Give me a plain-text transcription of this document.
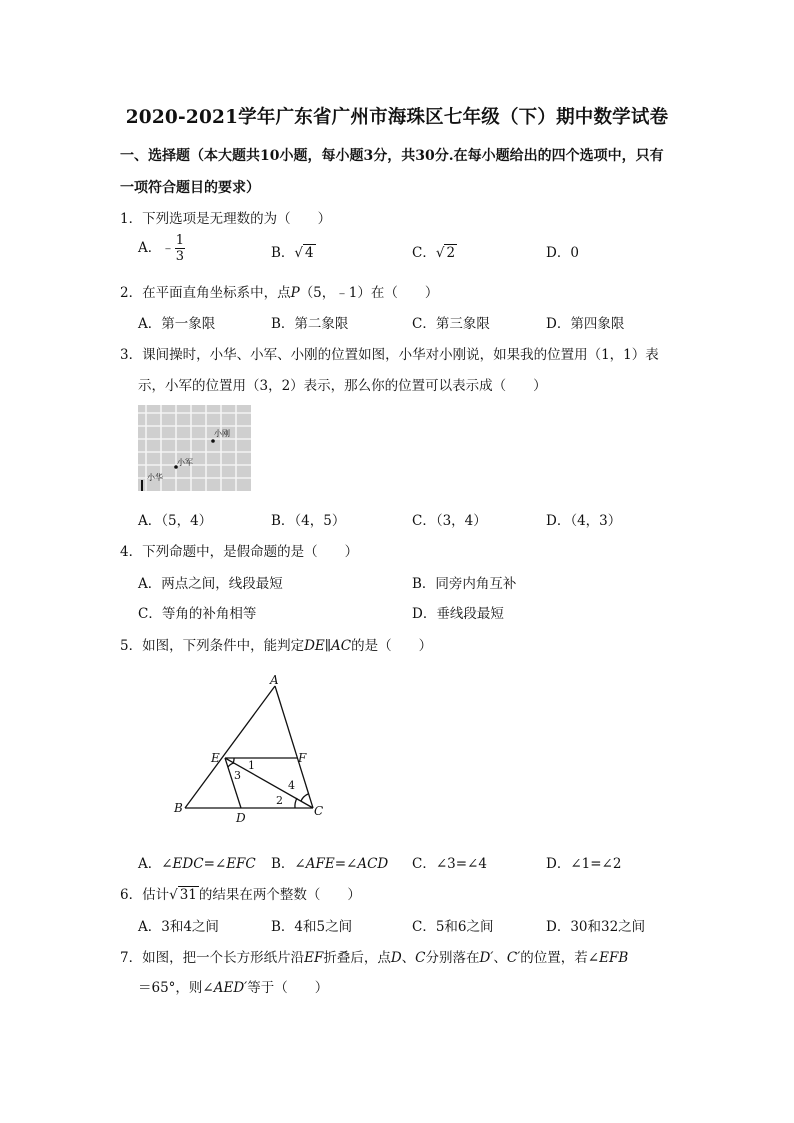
2020-2021学年广东省广州市海珠区七年级（下）期中数学试卷
一、选择题（本大题共10小题，每小题3分，共30分.在每小题给出的四个选项中，只有
一项符合题目的要求）
1．下列选项是无理数的为（　　）
A．﹣ $\frac{1}{3}$	B．√ 4	C．√ 2	D．0
2．在平面直角坐标系中，点P（5，﹣1）在（　　）
A．第一象限	B．第二象限	C．第三象限	D．第四象限
3．课间操时，小华、小军、小刚的位置如图，小华对小刚说，如果我的位置用（1，1）表
示，小军的位置用（3，2）表示，那么你的位置可以表示成（　　）
小刚
小军
小华
A．（5，4）	B．（4，5）	C．（3，4）	D．（4，3）
4．下列命题中，是假命题的是（　　）
A．两点之间，线段最短	B．同旁内角互补
C．等角的补角相等	D．垂线段最短
5．如图，下列条件中，能判定DE∥AC的是（　　）
A
E	F
B
D	C
1
3
4
2
A．∠EDC=∠EFC B．∠AFE=∠ACD C．∠3=∠4	D．∠1=∠2
6．估计√ 31 的结果在两个整数（　　）
A．3和4之间	B．4和5之间	C．5和6之间	D．30和32之间
7．如图，把一个长方形纸片沿EF折叠后，点D、C分别落在D′、C′的位置，若∠EFB
＝65°，则∠AED′等于（　　）
